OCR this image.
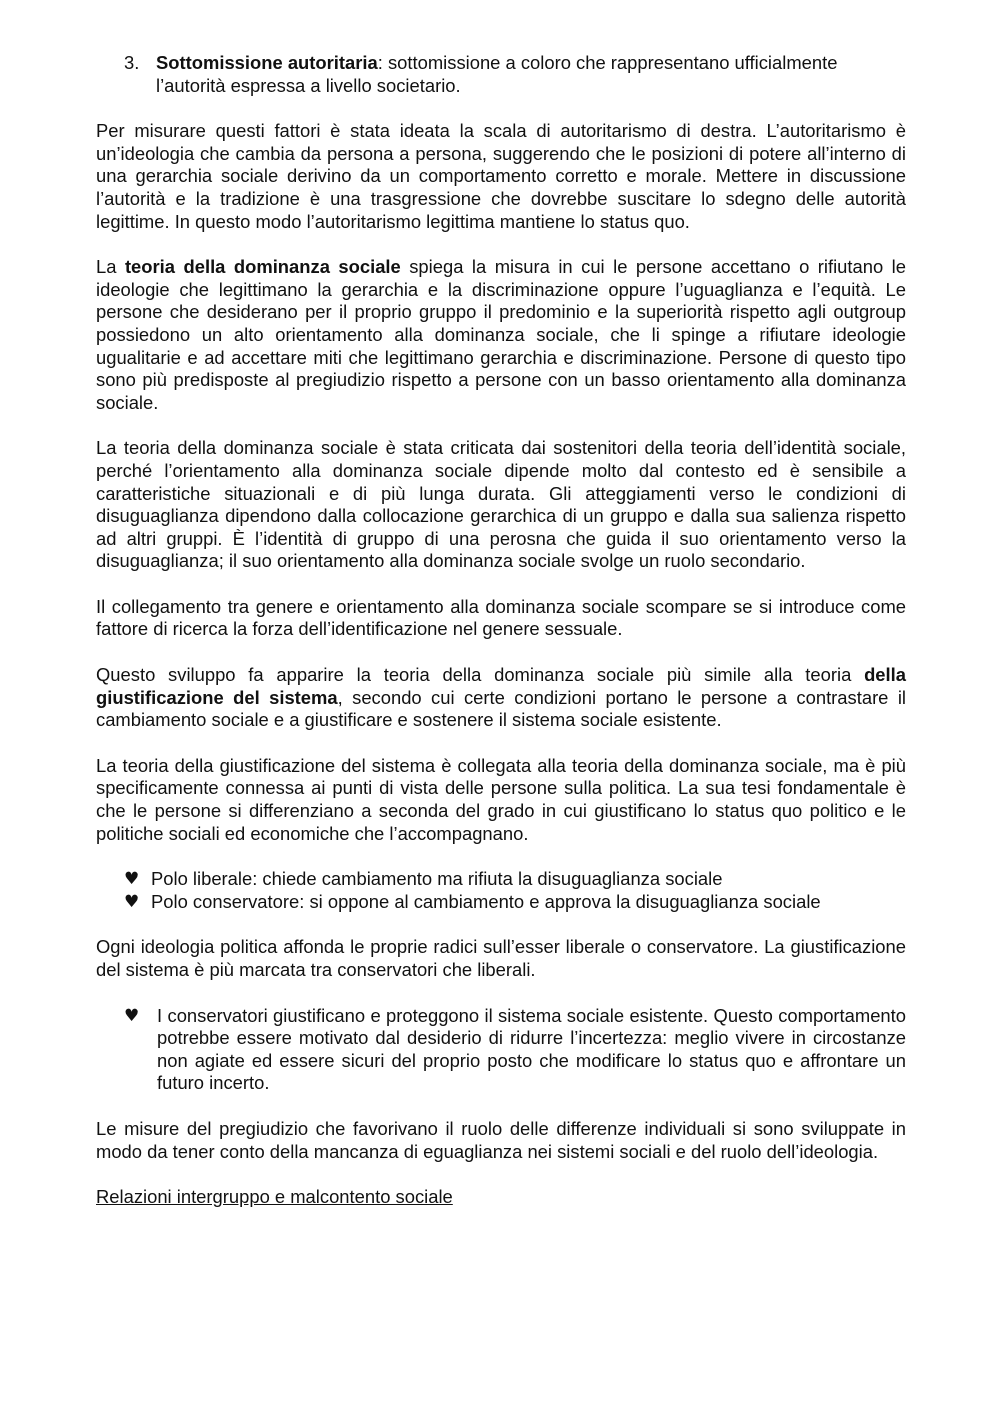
3. Sottomissione autoritaria: sottomissione a coloro che rappresentano ufficialmente l’autorità espressa a livello societario.

Per misurare questi fattori è stata ideata la scala di autoritarismo di destra. L’autoritarismo è un’ideologia che cambia da persona a persona, suggerendo che le posizioni di potere all’interno di una gerarchia sociale derivino da un comportamento corretto e morale. Mettere in discussione l’autorità e la tradizione è una trasgressione che dovrebbe suscitare lo sdegno delle autorità legittime. In questo modo l’autoritarismo legittima mantiene lo status quo.

La teoria della dominanza sociale spiega la misura in cui le persone accettano o rifiutano le ideologie che legittimano la gerarchia e la discriminazione oppure l’uguaglianza e l’equità. Le persone che desiderano per il proprio gruppo il predominio e la superiorità rispetto agli outgroup possiedono un alto orientamento alla dominanza sociale, che li spinge a rifiutare ideologie ugualitarie e ad accettare miti che legittimano gerarchia e discriminazione. Persone di questo tipo sono più predisposte al pregiudizio rispetto a persone con un basso orientamento alla dominanza sociale.

La teoria della dominanza sociale è stata criticata dai sostenitori della teoria dell’identità sociale, perché l’orientamento alla dominanza sociale dipende molto dal contesto ed è sensibile a caratteristiche situazionali e di più lunga durata. Gli atteggiamenti verso le condizioni di disuguaglianza dipendono dalla collocazione gerarchica di un gruppo e dalla sua salienza rispetto ad altri gruppi. È l’identità di gruppo di una perosna che guida il suo orientamento verso la disuguaglianza; il suo orientamento alla dominanza sociale svolge un ruolo secondario.

Il collegamento tra genere e orientamento alla dominanza sociale scompare se si introduce come fattore di ricerca la forza dell’identificazione nel genere sessuale.

Questo sviluppo fa apparire la teoria della dominanza sociale più simile alla teoria della giustificazione del sistema, secondo cui certe condizioni portano le persone a contrastare il cambiamento sociale e a giustificare e sostenere il sistema sociale esistente.

La teoria della giustificazione del sistema è collegata alla teoria della dominanza sociale, ma è più specificamente connessa ai punti di vista delle persone sulla politica. La sua tesi fondamentale è che le persone si differenziano a seconda del grado in cui giustificano lo status quo politico e le politiche sociali ed economiche che l’accompagnano.

♥ Polo liberale: chiede cambiamento ma rifiuta la disuguaglianza sociale
♥ Polo conservatore: si oppone al cambiamento e approva la disuguaglianza sociale

Ogni ideologia politica affonda le proprie radici sull’esser liberale o conservatore. La giustificazione del sistema è più marcata tra conservatori che liberali.

♥ I conservatori giustificano e proteggono il sistema sociale esistente. Questo comportamento potrebbe essere motivato dal desiderio di ridurre l’incertezza: meglio vivere in circostanze non agiate ed essere sicuri del proprio posto che modificare lo status quo e affrontare un futuro incerto.

Le misure del pregiudizio che favorivano il ruolo delle differenze individuali si sono sviluppate in modo da tener conto della mancanza di eguaglianza nei sistemi sociali e del ruolo dell’ideologia.

Relazioni intergruppo e malcontento sociale
